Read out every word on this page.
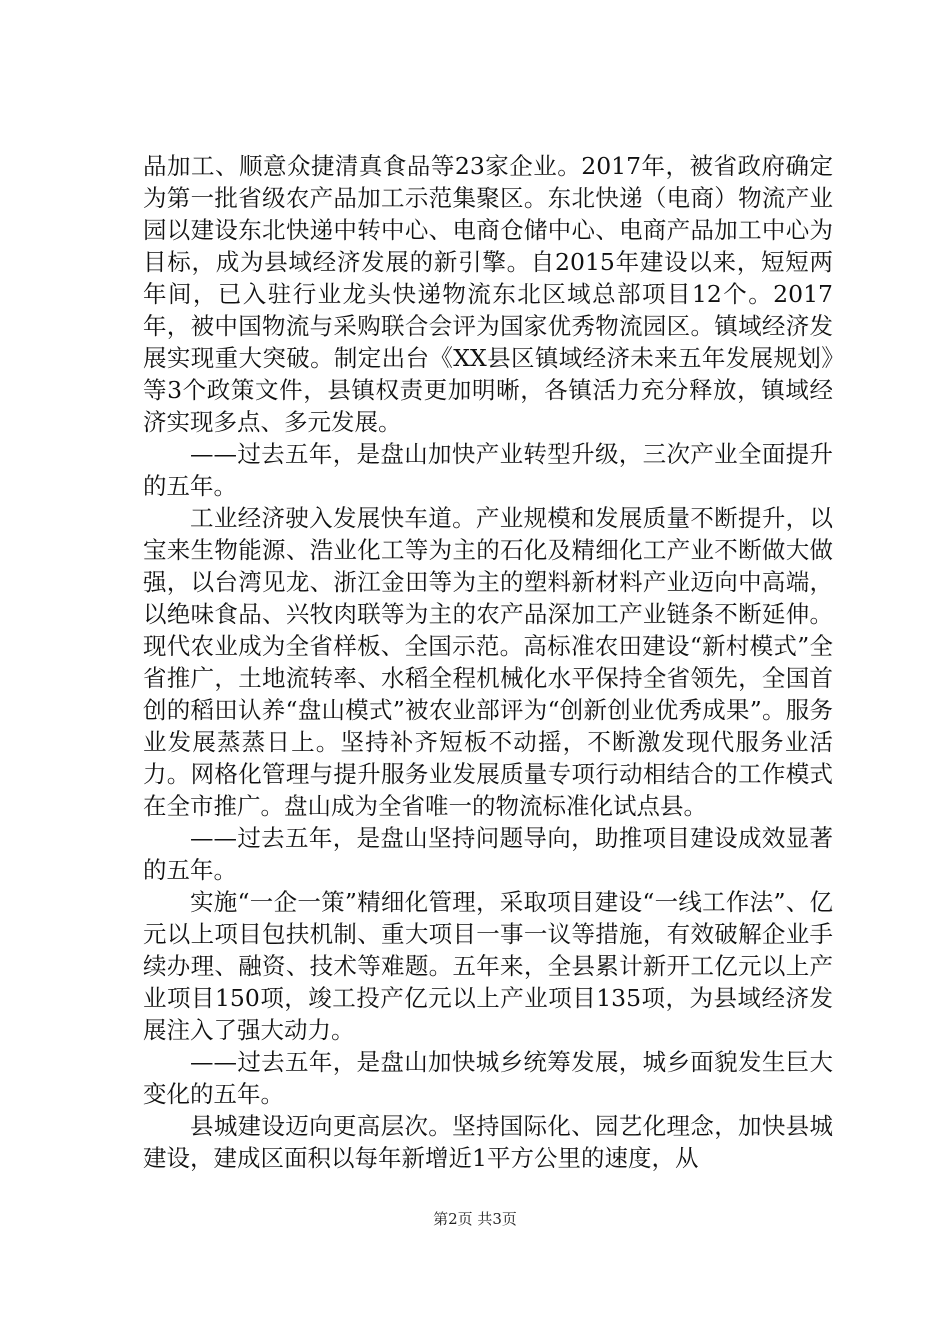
品加工、顺意众捷清真食品等23家企业。2017年，被省政府确定为第一批省级农产品加工示范集聚区。东北快递（电商）物流产业园以建设东北快递中转中心、电商仓储中心、电商产品加工中心为目标，成为县域经济发展的新引擎。自2015年建设以来，短短两年间，已入驻行业龙头快递物流东北区域总部项目12个。2017年，被中国物流与采购联合会评为国家优秀物流园区。镇域经济发展实现重大突破。制定出台《XX县区镇域经济未来五年发展规划》等3个政策文件，县镇权责更加明晰，各镇活力充分释放，镇域经济实现多点、多元发展。

——过去五年，是盘山加快产业转型升级，三次产业全面提升的五年。

工业经济驶入发展快车道。产业规模和发展质量不断提升，以宝来生物能源、浩业化工等为主的石化及精细化工产业不断做大做强，以台湾见龙、浙江金田等为主的塑料新材料产业迈向中高端，以绝味食品、兴牧肉联等为主的农产品深加工产业链条不断延伸。现代农业成为全省样板、全国示范。高标准农田建设“新村模式”全省推广，土地流转率、水稻全程机械化水平保持全省领先，全国首创的稻田认养“盘山模式”被农业部评为“创新创业优秀成果”。服务业发展蒸蒸日上。坚持补齐短板不动摇，不断激发现代服务业活力。网格化管理与提升服务业发展质量专项行动相结合的工作模式在全市推广。盘山成为全省唯一的物流标准化试点县。

——过去五年，是盘山坚持问题导向，助推项目建设成效显著的五年。

实施“一企一策”精细化管理，采取项目建设“一线工作法”、亿元以上项目包扶机制、重大项目一事一议等措施，有效破解企业手续办理、融资、技术等难题。五年来，全县累计新开工亿元以上产业项目150项，竣工投产亿元以上产业项目135项，为县域经济发展注入了强大动力。

——过去五年，是盘山加快城乡统筹发展，城乡面貌发生巨大变化的五年。

县城建设迈向更高层次。坚持国际化、园艺化理念，加快县城建设，建成区面积以每年新增近1平方公里的速度，从

第2页 共3页
